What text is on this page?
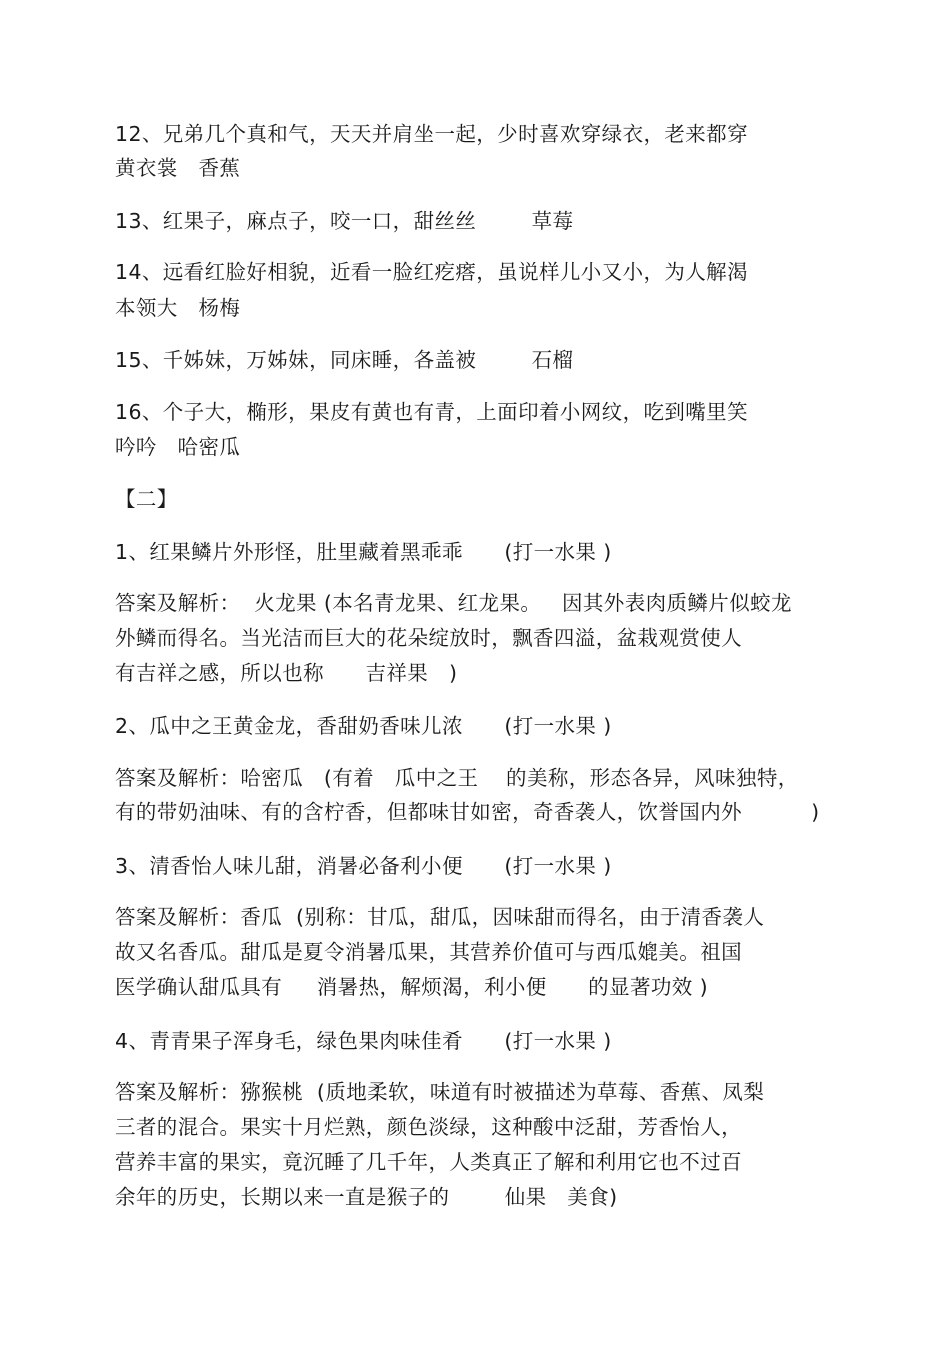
12、兄弟几个真和气，天天并肩坐一起，少时喜欢穿绿衣，老来都穿
黄衣裳   香蕉
13、红果子，麻点子，咬一口，甜丝丝        草莓
14、远看红脸好相貌，近看一脸红疙瘩，虽说样儿小又小，为人解渴
本领大   杨梅
15、千姊妹，万姊妹，同床睡，各盖被        石榴
16、个子大，椭形，果皮有黄也有青，上面印着小网纹，吃到嘴里笑
吟吟   哈密瓜
【二】
1、红果鳞片外形怪，肚里藏着黑乖乖      (打一水果 )
答案及解析：  火龙果 (本名青龙果、红龙果。   因其外表肉质鳞片似蛟龙
外鳞而得名。当光洁而巨大的花朵绽放时，飘香四溢，盆栽观赏使人
有吉祥之感，所以也称      吉祥果   )
2、瓜中之王黄金龙，香甜奶香味儿浓      (打一水果 )
答案及解析：哈密瓜   (有着   瓜中之王    的美称，形态各异，风味独特，
有的带奶油味、有的含柠香，但都味甘如密，奇香袭人，饮誉国内外          )
3、清香怡人味儿甜，消暑必备利小便      (打一水果 )
答案及解析：香瓜  (别称：甘瓜，甜瓜，因味甜而得名，由于清香袭人
故又名香瓜。甜瓜是夏令消暑瓜果，其营养价值可与西瓜媲美。祖国
医学确认甜瓜具有     消暑热，解烦渴，利小便      的显著功效 )
4、青青果子浑身毛，绿色果肉味佳肴      (打一水果 )
答案及解析：猕猴桃  (质地柔软，味道有时被描述为草莓、香蕉、凤梨
三者的混合。果实十月烂熟，颜色淡绿，这种酸中泛甜，芳香怡人，
营养丰富的果实，竟沉睡了几千年，人类真正了解和利用它也不过百
余年的历史，长期以来一直是猴子的        仙果   美食)
